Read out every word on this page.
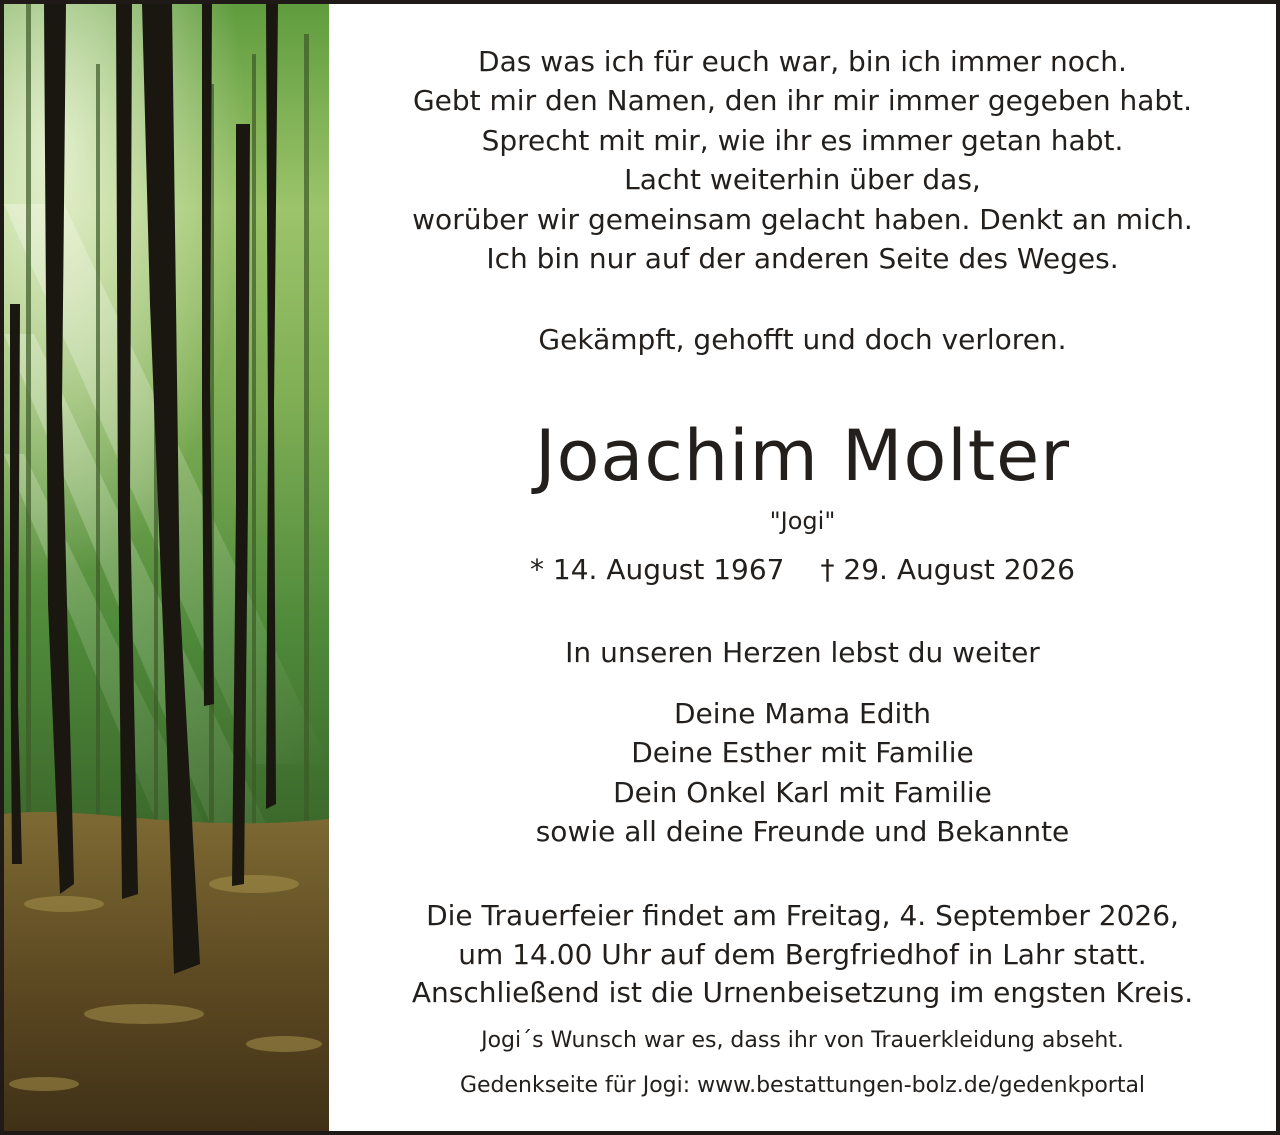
Das was ich für euch war, bin ich immer noch.
Gebt mir den Namen, den ihr mir immer gegeben habt.
Sprecht mit mir, wie ihr es immer getan habt.
Lacht weiterhin über das,
worüber wir gemeinsam gelacht haben. Denkt an mich.
Ich bin nur auf der anderen Seite des Weges.
Gekämpft, gehofft und doch verloren.
Joachim Molter
"Jogi"
* 14. August 1967 † 29. August 2026
In unseren Herzen lebst du weiter
Deine Mama Edith
Deine Esther mit Familie
Dein Onkel Karl mit Familie
sowie all deine Freunde und Bekannte
Die Trauerfeier findet am Freitag, 4. September 2026,
um 14.00 Uhr auf dem Bergfriedhof in Lahr statt.
Anschließend ist die Urnenbeisetzung im engsten Kreis.
Jogi´s Wunsch war es, dass ihr von Trauerkleidung abseht.
Gedenkseite für Jogi: www.bestattungen-bolz.de/gedenkportal
